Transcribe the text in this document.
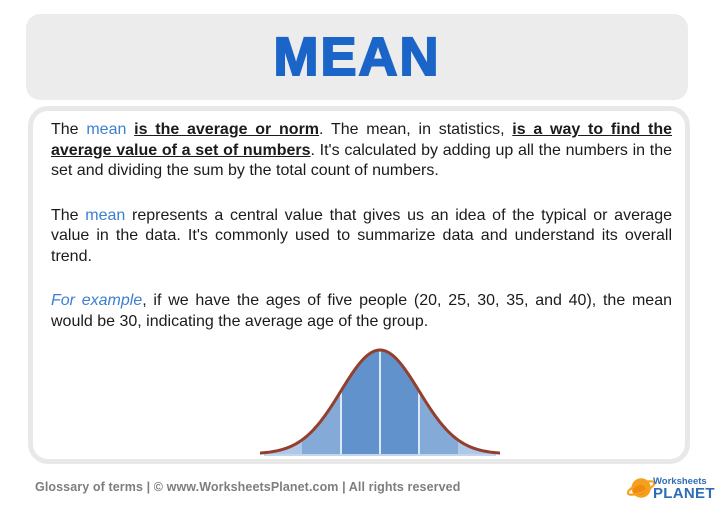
MEAN

The mean is the average or norm. The mean, in statistics, is a way to find the average value of a set of numbers. It's calculated by adding up all the numbers in the set and dividing the sum by the total count of numbers.

The mean represents a central value that gives us an idea of the typical or average value in the data. It's commonly used to summarize data and understand its overall trend.

For example, if we have the ages of five people (20, 25, 30, 35, and 40), the mean would be 30, indicating the average age of the group.

Glossary of terms | © www.WorksheetsPlanet.com | All rights reserved	Worksheets
PLANET
